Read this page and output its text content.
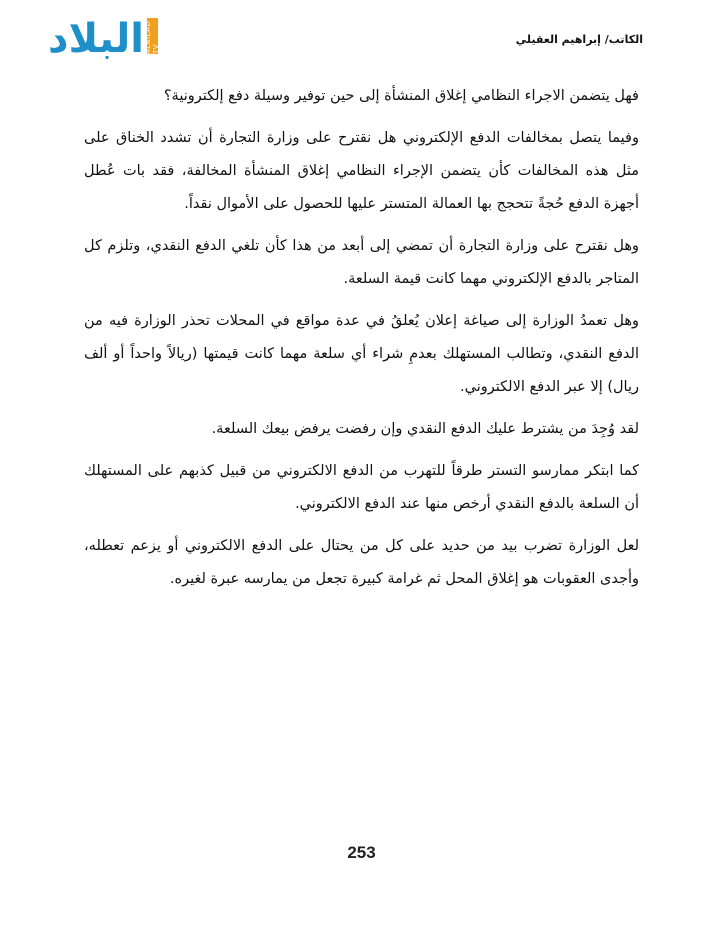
البلاد ALBILAD TV
الكاتب/ إبراهيم العقيلي

فهل يتضمن الاجراء النظامي إغلاق المنشأة إلى حين توفير وسيلة دفع إلكترونية؟

وفيما يتصل بمخالفات الدفع الإلكتروني هل نقترح على وزارة التجارة أن تشدد الخناق على مثل هذه المخالفات كأن يتضمن الإجراء النظامي إغلاق المنشأة المخالفة، فقد بات عُطل أجهزة الدفع حُجةً تتحجج بها العمالة المتستر عليها للحصول على الأموال نقداً.

وهل نقترح على وزارة التجارة أن تمضي إلى أبعد من هذا كأن تلغي الدفع النقدي، وتلزم كل المتاجر بالدفع الإلكتروني مهما كانت قيمة السلعة.

وهل تعمدُ الوزارة إلى صياغة إعلان يُعلقُ في عدة مواقع في المحلات تحذر الوزارة فيه من الدفع النقدي، وتطالب المستهلك بعدمِ شراء أي سلعة مهما كانت قيمتها (ريالاً واحداً أو ألف ريال) إلا عبر الدفع الالكتروني.

لقد وُجِدَ من يشترط عليك الدفع النقدي وإن رفضت يرفض بيعك السلعة.

كما ابتكر ممارسو التستر طرقاً للتهرب من الدفع الالكتروني من قبيل كذبهم على المستهلك أن السلعة بالدفع النقدي أرخص منها عند الدفع الالكتروني.

لعل الوزارة تضرب بيد من حديد على كل من يحتال على الدفع الالكتروني أو يزعم تعطله، وأجدى العقوبات هو إغلاق المحل ثم غرامة كبيرة تجعل من يمارسه عبرة لغيره.

253
